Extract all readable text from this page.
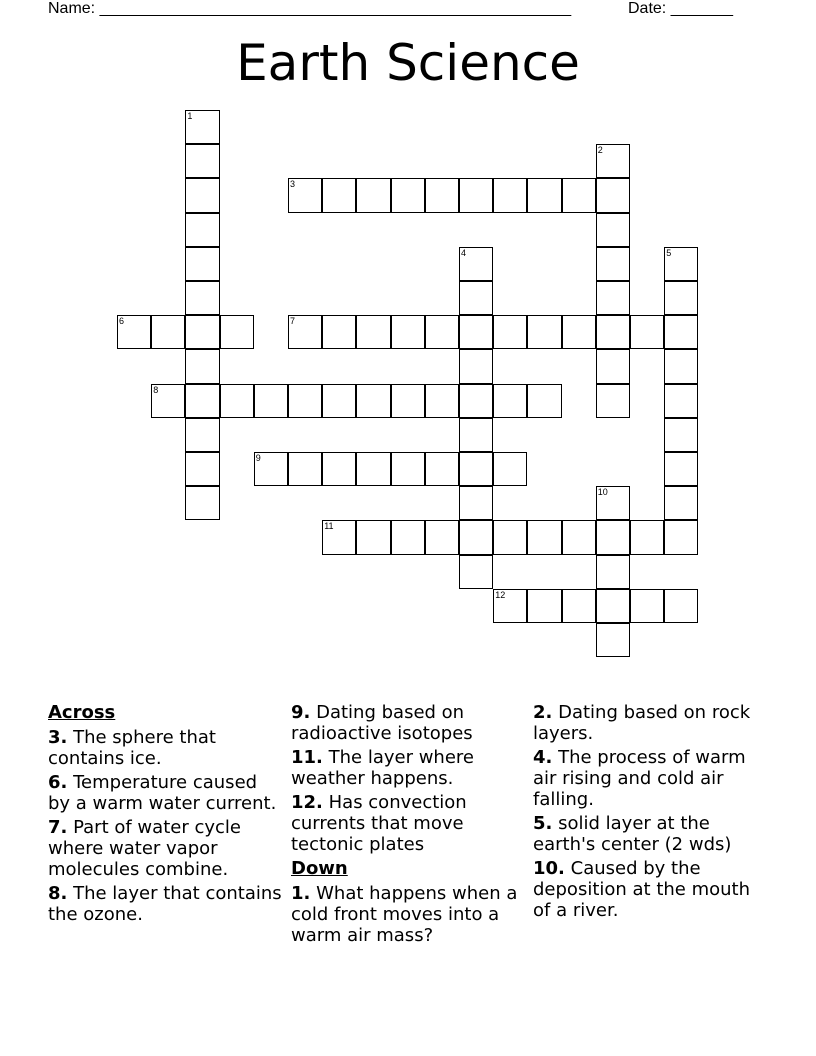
Name: _____________________________________________________	Date: _______
Earth Science
1
2
3
4	5
6	7
8
9
10
11
12
Across
3. The sphere that contains ice.
6. Temperature caused by a warm water current.
7. Part of water cycle where water vapor molecules combine.
8. The layer that contains the ozone.
9. Dating based on radioactive isotopes
11. The layer where weather happens.
12. Has convection currents that move tectonic plates
Down
1. What happens when a cold front moves into a warm air mass?
2. Dating based on rock layers.
4. The process of warm air rising and cold air falling.
5. solid layer at the earth's center (2 wds)
10. Caused by the deposition at the mouth of a river.
